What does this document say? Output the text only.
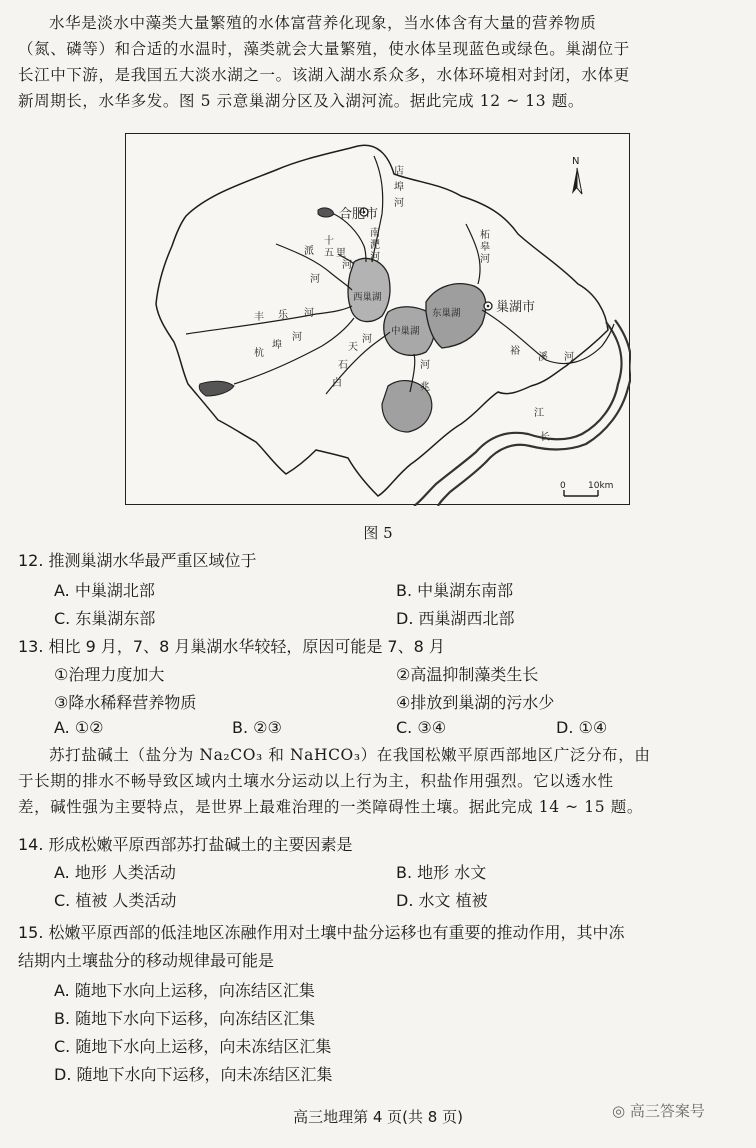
水华是淡水中藻类大量繁殖的水体富营养化现象，当水体含有大量的营养物质
（氮、磷等）和合适的水温时，藻类就会大量繁殖，使水体呈现蓝色或绿色。巢湖位于
长江中下游，是我国五大淡水湖之一。该湖入湖水系众多，水体环境相对封闭，水体更
新周期长，水华多发。图 5 示意巢湖分区及入湖河流。据此完成 12 ~ 13 题。
合肥市
巢湖市
西巢湖
中巢湖
东巢湖
店
埠
河
南
淝
河
十
五 里
河
派
河
丰 乐 河
杭
埠
河
天
石
白
河
河
兆
柘
皋
河
裕
溪 河
江
长
N
0 10km
图 5
12. 推测巢湖水华最严重区域位于
A. 中巢湖北部	B. 中巢湖东南部
C. 东巢湖东部	D. 西巢湖西北部
13. 相比 9 月，7、8 月巢湖水华较轻，原因可能是 7、8 月
①治理力度加大	②高温抑制藻类生长
③降水稀释营养物质	④排放到巢湖的污水少
A. ①②	B. ②③	C. ③④	D. ①④
苏打盐碱土（盐分为 Na₂CO₃ 和 NaHCO₃）在我国松嫩平原西部地区广泛分布，由
于长期的排水不畅导致区域内土壤水分运动以上行为主，积盐作用强烈。它以透水性
差，碱性强为主要特点，是世界上最难治理的一类障碍性土壤。据此完成 14 ~ 15 题。
14. 形成松嫩平原西部苏打盐碱土的主要因素是
A. 地形 人类活动	B. 地形 水文
C. 植被 人类活动	D. 水文 植被
15. 松嫩平原西部的低洼地区冻融作用对土壤中盐分运移也有重要的推动作用，其中冻
结期内土壤盐分的移动规律最可能是
A. 随地下水向上运移，向冻结区汇集
B. 随地下水向下运移，向冻结区汇集
C. 随地下水向上运移，向未冻结区汇集
D. 随地下水向下运移，向未冻结区汇集
高三地理第 4 页(共 8 页)	◎ 高三答案号
